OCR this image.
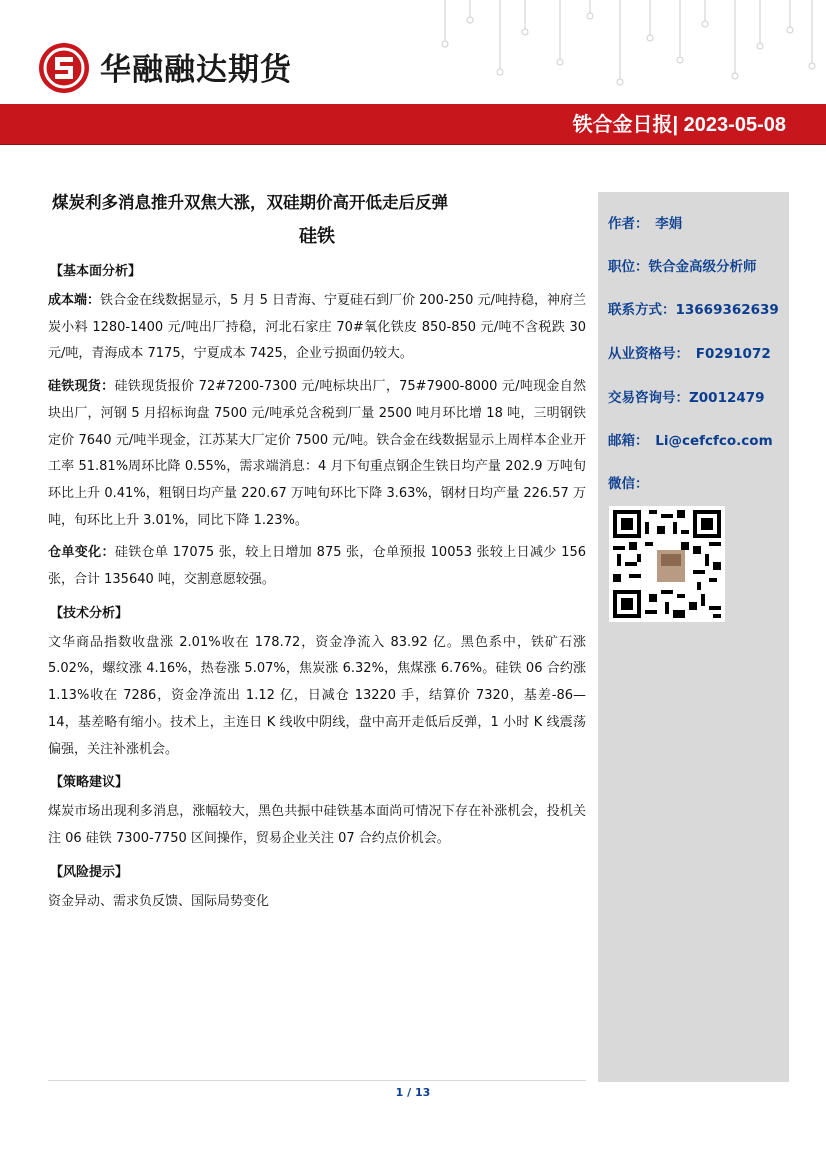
华融融达期货
铁合金日报| 2023-05-08
煤炭利多消息推升双焦大涨，双硅期价高开低走后反弹
硅铁
【基本面分析】

成本端：铁合金在线数据显示，5 月 5 日青海、宁夏硅石到厂价 200-250 元/吨持稳，神府兰炭小料 1280-1400 元/吨出厂持稳，河北石家庄 70#氧化铁皮 850-850 元/吨不含税跌 30 元/吨，青海成本 7175，宁夏成本 7425，企业亏损面仍较大。

硅铁现货：硅铁现货报价 72#7200-7300 元/吨标块出厂，75#7900-8000 元/吨现金自然块出厂，河钢 5 月招标询盘 7500 元/吨承兑含税到厂量 2500 吨月环比增 18 吨，三明钢铁定价 7640 元/吨半现金，江苏某大厂定价 7500 元/吨。铁合金在线数据显示上周样本企业开工率 51.81%周环比降 0.55%，需求端消息：4 月下旬重点钢企生铁日均产量 202.9 万吨旬环比上升 0.41%，粗钢日均产量 220.67 万吨旬环比下降 3.63%，钢材日均产量 226.57 万吨，旬环比上升 3.01%，同比下降 1.23%。

仓单变化：硅铁仓单 17075 张，较上日增加 875 张，仓单预报 10053 张较上日减少 156 张，合计 135640 吨，交割意愿较强。

【技术分析】

文华商品指数收盘涨 2.01%收在 178.72，资金净流入 83.92 亿。黑色系中，铁矿石涨 5.02%，螺纹涨 4.16%，热卷涨 5.07%，焦炭涨 6.32%，焦煤涨 6.76%。硅铁 06 合约涨 1.13%收在 7286，资金净流出 1.12 亿，日减仓 13220 手，结算价 7320，基差-86—14，基差略有缩小。技术上，主连日 K 线收中阴线，盘中高开走低后反弹，1 小时 K 线震荡偏强，关注补涨机会。

【策略建议】

煤炭市场出现利多消息，涨幅较大，黑色共振中硅铁基本面尚可情况下存在补涨机会，投机关注 06 硅铁 7300-7750 区间操作，贸易企业关注 07 合约点价机会。

【风险提示】

资金异动、需求负反馈、国际局势变化

作者：　李娟
职位：铁合金高级分析师
联系方式：13669362639
从业资格号：　F0291072
交易咨询号：Z0012479
邮箱：　Li@cefcfco.com
微信：
1 / 13
